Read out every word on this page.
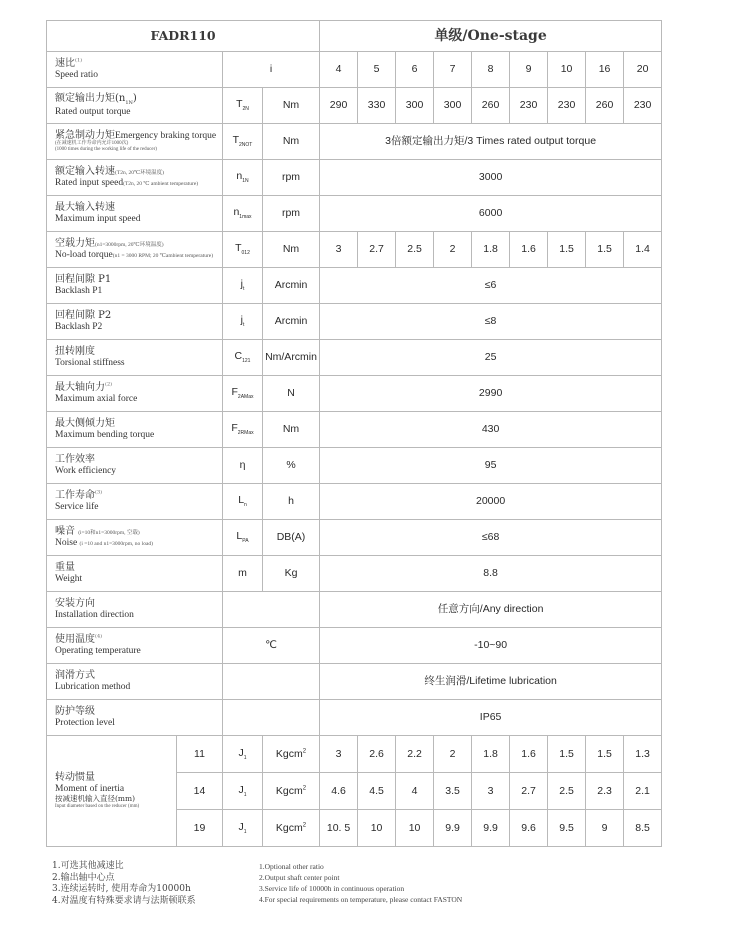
FADR110				单级/One-stage								

速比$^{(1)}$
Speed ratio		i		4	5	6	7	8	9	10	16	20

额定输出力矩$(n_{1N})$
Rated output torque		$T_{2N}$	Nm	290	330	300	300	260	230	230	260	230

紧急制动力矩Emergency braking torque
(在减速机工作寿命内允许1000次)
(1000 times during the working life of the reducer)		$T_{2NOT}$	Nm	3倍额定输出力矩/3 Times rated output torque								

额定输入转速(T2n, 20℃环境温度)
Rated input speed(T2n, 20 ℃ ambient temperature)		$n_{1N}$	rpm	3000								

最大输入转速
Maximum input speed		$n_{1max}$	rpm	6000								

空载力矩(n1=3000rpm, 20℃环境温度)
No-load torque(n1 = 3000 RPM; 20 ℃ambient temperature)		$T_{012}$	Nm	3	2.7	2.5	2	1.8	1.6	1.5	1.5	1.4

回程间隙 P1
Backlash P1		$j_t$	Arcmin	≤6								

回程间隙 P2
Backlash P2		$j_t$	Arcmin	≤8								

扭转刚度
Torsional stiffness		$C_{121}$	Nm/Arcmin	25								

最大轴向力$^{(2)}$
Maximum axial force		$F_{2AMax}$	N	2990								

最大侧倾力矩
Maximum bending torque		$F_{2RMax}$	Nm	430								

工作效率
Work efficiency		η	%	95								

工作寿命$^{(3)}$
Service life		$L_n$	h	20000								

噪音 (i=10和n1=3000rpm, 空载)
Noise (i =10 and n1=3000rpm, no load)		$L_{PA}$	DB(A)	≤68								

重量
Weight		m	Kg	8.8								

安装方向
Installation direction				任意方向/Any direction								

使用温度$^{(4)}$
Operating temperature		℃		-10~90								

润滑方式
Lubrication method				终生润滑/Lifetime lubrication								

防护等级
Protection level				IP65								

转动惯量
Moment of inertia
按减速机输入直径(mm)
Input diameter based on the reducer (mm)	11	$J_1$	Kgcm$^2$	3	2.6	2.2	2	1.8	1.6	1.5	1.5	1.3
	14	$J_1$	Kgcm$^2$	4.6	4.5	4	3.5	3	2.7	2.5	2.3	2.1
	19	$J_1$	Kgcm$^2$	10. 5	10	10	9.9	9.9	9.6	9.5	9	8.5
1.可选其他减速比
2.输出轴中心点
3.连续运转时, 使用寿命为10000h
4.对温度有特殊要求请与法斯顿联系
1.Optional other ratio
2.Output shaft center point
3.Service life of 10000h in continuous operation
4.For special requirements on temperature, please contact FASTON
